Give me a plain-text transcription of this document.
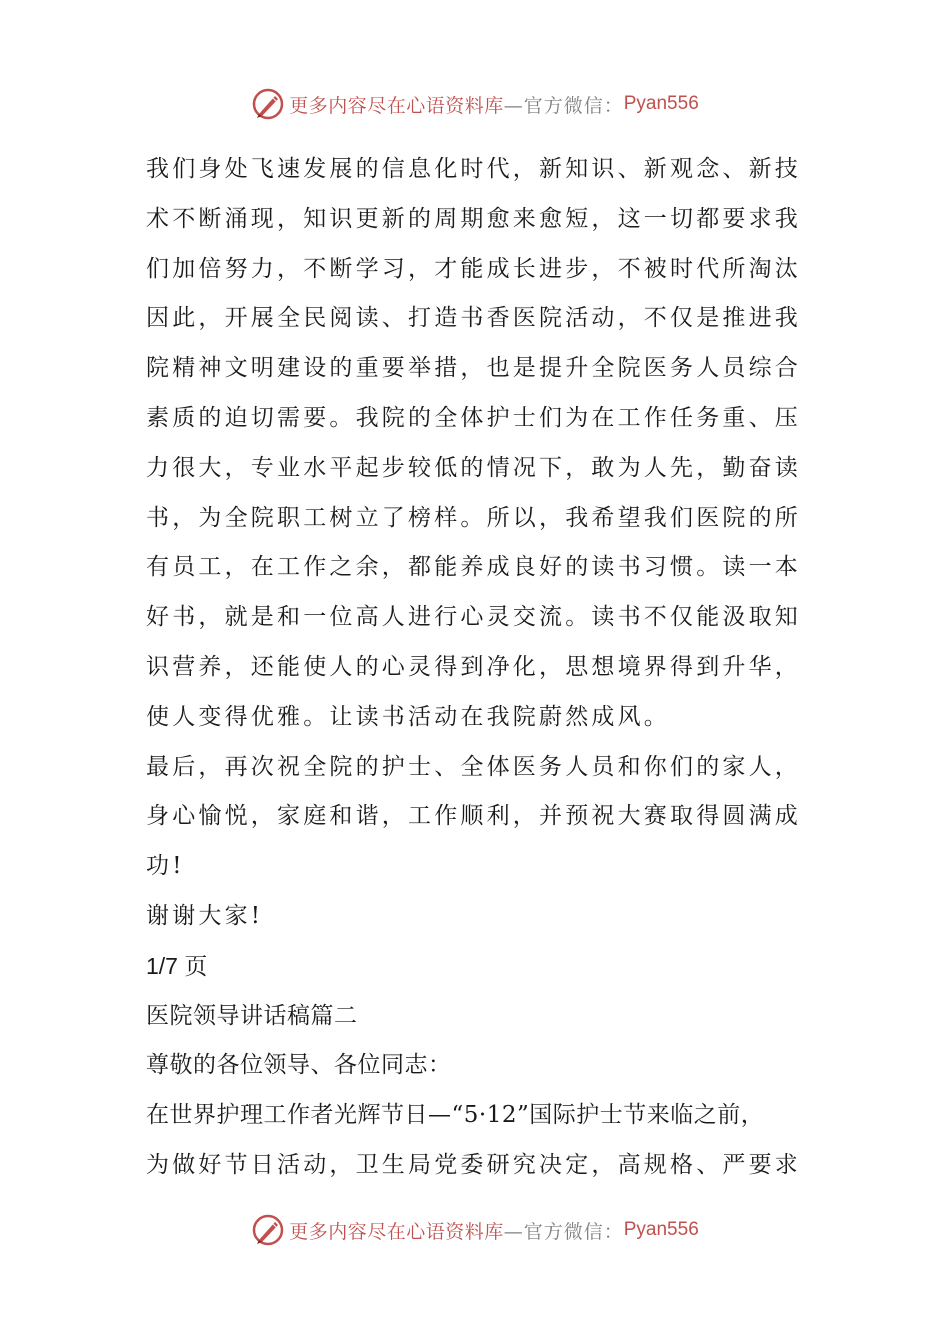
更多内容尽在心语资料库 —官方微信： Pyan556
我们身处飞速发展的信息化时代，新知识、新观念、新技
术不断涌现，知识更新的周期愈来愈短，这一切都要求我
们加倍努力，不断学习，才能成长进步，不被时代所淘汰
因此，开展全民阅读、打造书香医院活动，不仅是推进我
院精神文明建设的重要举措，也是提升全院医务人员综合
素质的迫切需要。我院的全体护士们为在工作任务重、压
力很大，专业水平起步较低的情况下，敢为人先，勤奋读
书，为全院职工树立了榜样。所以，我希望我们医院的所
有员工，在工作之余，都能养成良好的读书习惯。读一本
好书，就是和一位高人进行心灵交流。读书不仅能汲取知
识营养，还能使人的心灵得到净化，思想境界得到升华，
使人变得优雅。让读书活动在我院蔚然成风。
最后，再次祝全院的护士、全体医务人员和你们的家人，
身心愉悦，家庭和谐，工作顺利，并预祝大赛取得圆满成
功!
谢谢大家!
1/7 页
医院领导讲话稿篇二
尊敬的各位领导、各位同志：
在世界护理工作者光辉节日—“5·12”国际护士节来临之前，
为做好节日活动，卫生局党委研究决定，高规格、严要求
更多内容尽在心语资料库 —官方微信： Pyan556
